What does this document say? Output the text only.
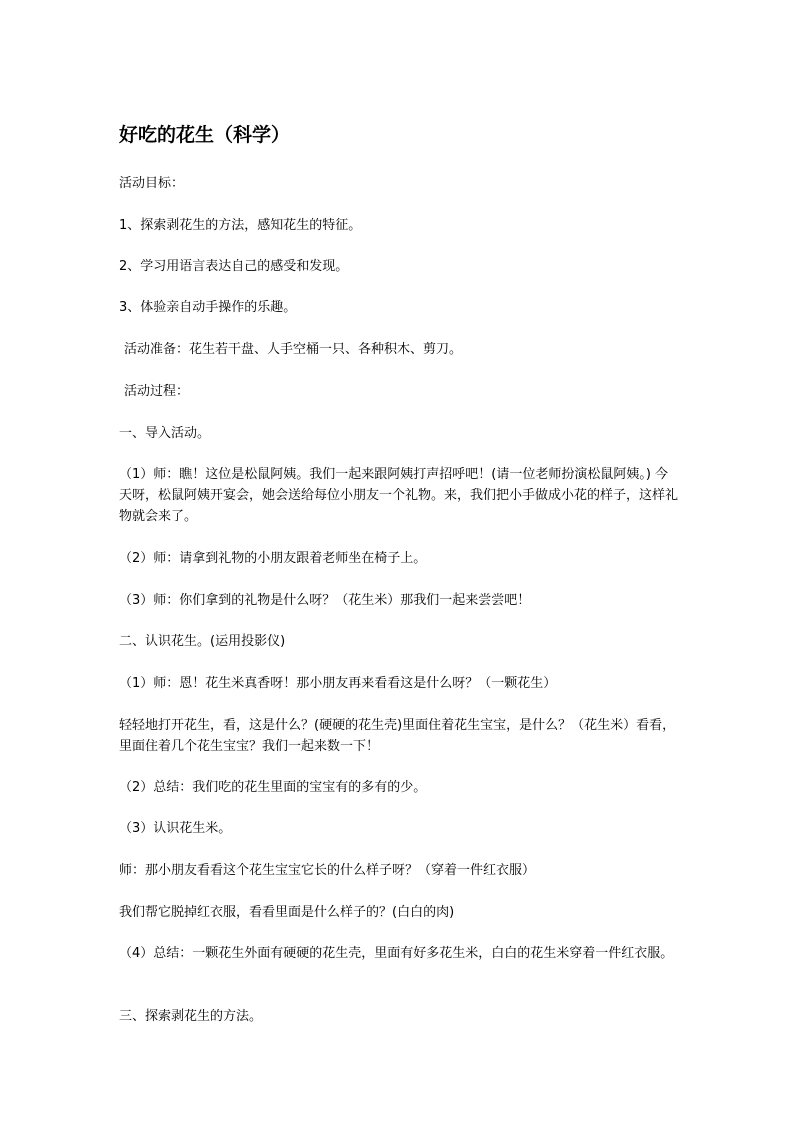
好吃的花生（科学）
活动目标：
1、探索剥花生的方法，感知花生的特征。
2、学习用语言表达自己的感受和发现。
3、体验亲自动手操作的乐趣。
活动准备：花生若干盘、人手空桶一只、各种积木、剪刀。
活动过程：
一、导入活动。
（1）师：瞧！这位是松鼠阿姨。我们一起来跟阿姨打声招呼吧！(请一位老师扮演松鼠阿姨。) 今天呀，松鼠阿姨开宴会，她会送给每位小朋友一个礼物。来，我们把小手做成小花的样子，这样礼物就会来了。
（2）师：请拿到礼物的小朋友跟着老师坐在椅子上。
（3）师：你们拿到的礼物是什么呀？（花生米）那我们一起来尝尝吧！
二、认识花生。(运用投影仪)
（1）师：恩！花生米真香呀！那小朋友再来看看这是什么呀？（一颗花生）
轻轻地打开花生，看，这是什么？(硬硬的花生壳)里面住着花生宝宝，是什么？（花生米）看看，里面住着几个花生宝宝？我们一起来数一下！
（2）总结：我们吃的花生里面的宝宝有的多有的少。
（3）认识花生米。
师：那小朋友看看这个花生宝宝它长的什么样子呀？（穿着一件红衣服）
我们帮它脱掉红衣服，看看里面是什么样子的？(白白的肉)
（4）总结：一颗花生外面有硬硬的花生壳，里面有好多花生米，白白的花生米穿着一件红衣服。
三、探索剥花生的方法。
